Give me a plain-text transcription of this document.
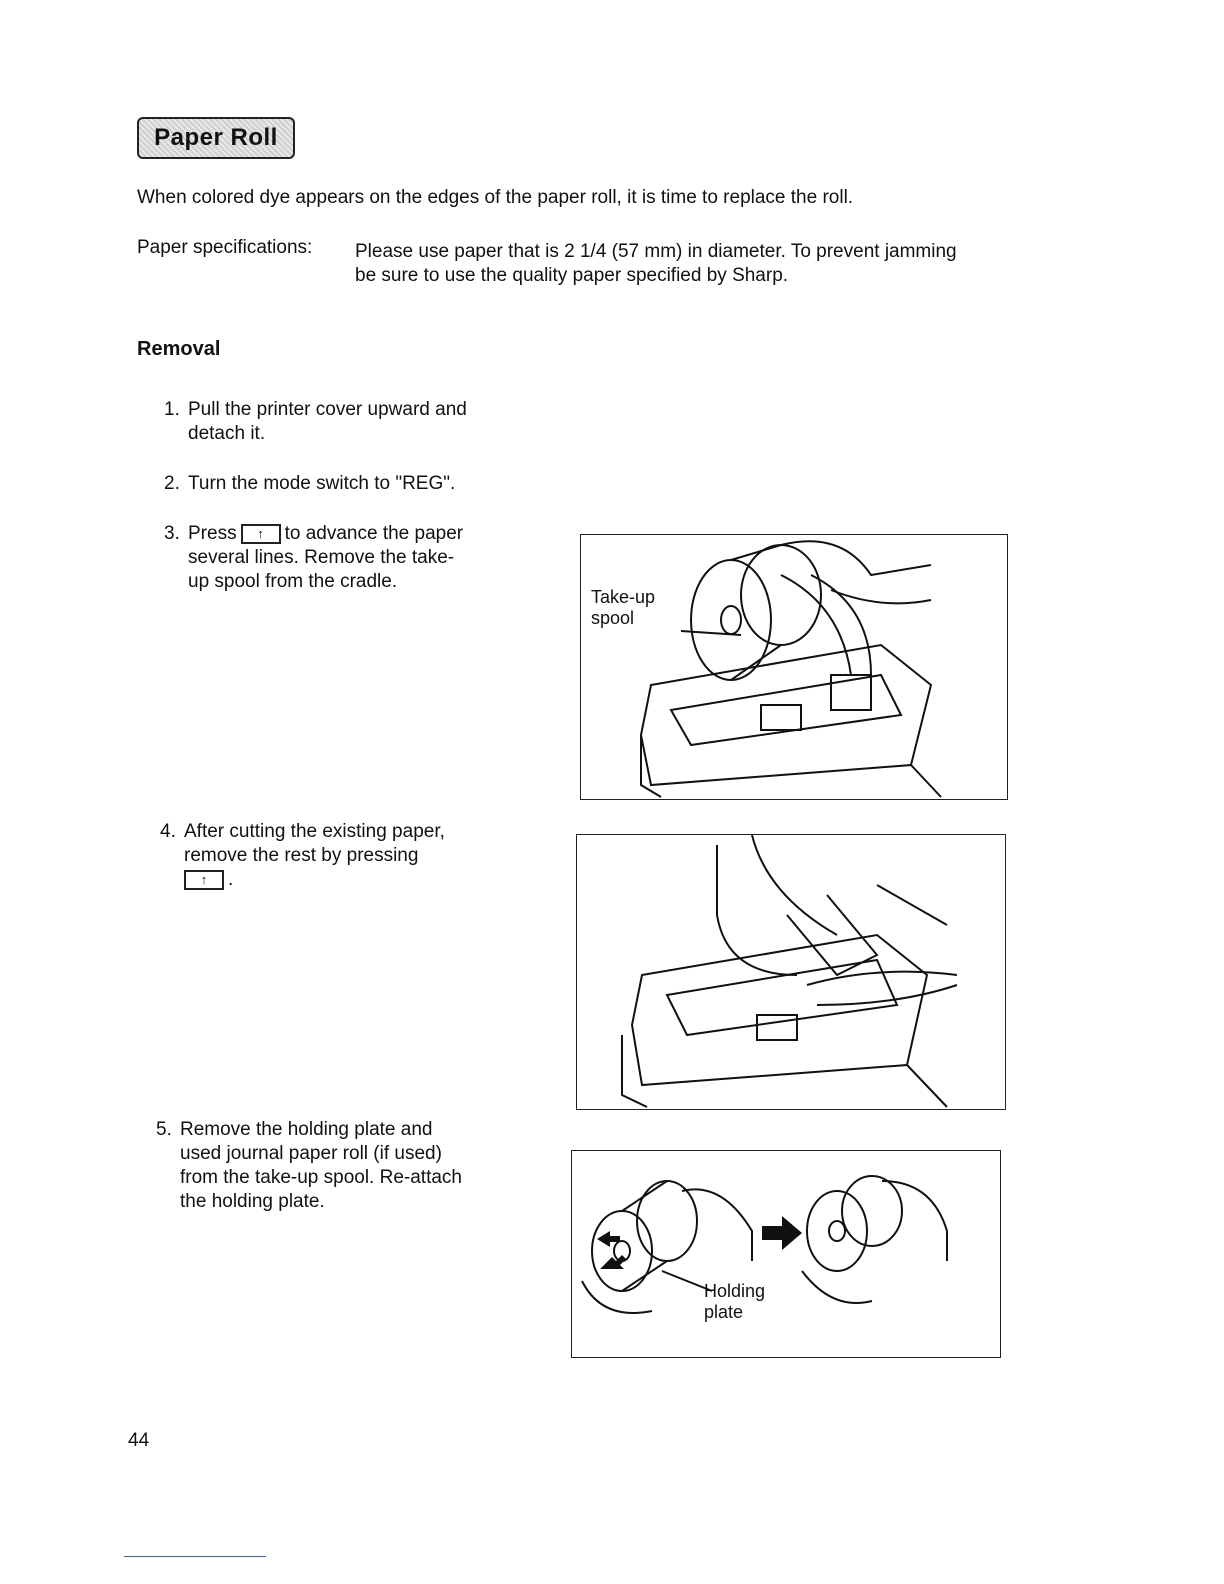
Paper Roll
When colored dye appears on the edges of the paper roll, it is time to replace the roll.
Paper specifications: Please use paper that is 2 1/4 (57 mm) in diameter. To prevent jamming
be sure to use the quality paper specified by Sharp.
Removal
1. Pull the printer cover upward and
detach it.
2. Turn the mode switch to "REG".
3. Press ↑ to advance the paper
several lines. Remove the take-
up spool from the cradle.
4. After cutting the existing paper,
remove the rest by pressing
↑ .
5. Remove the holding plate and
used journal paper roll (if used)
from the take-up spool. Re-attach
the holding plate.
Take-up
spool
Holding
plate
44
